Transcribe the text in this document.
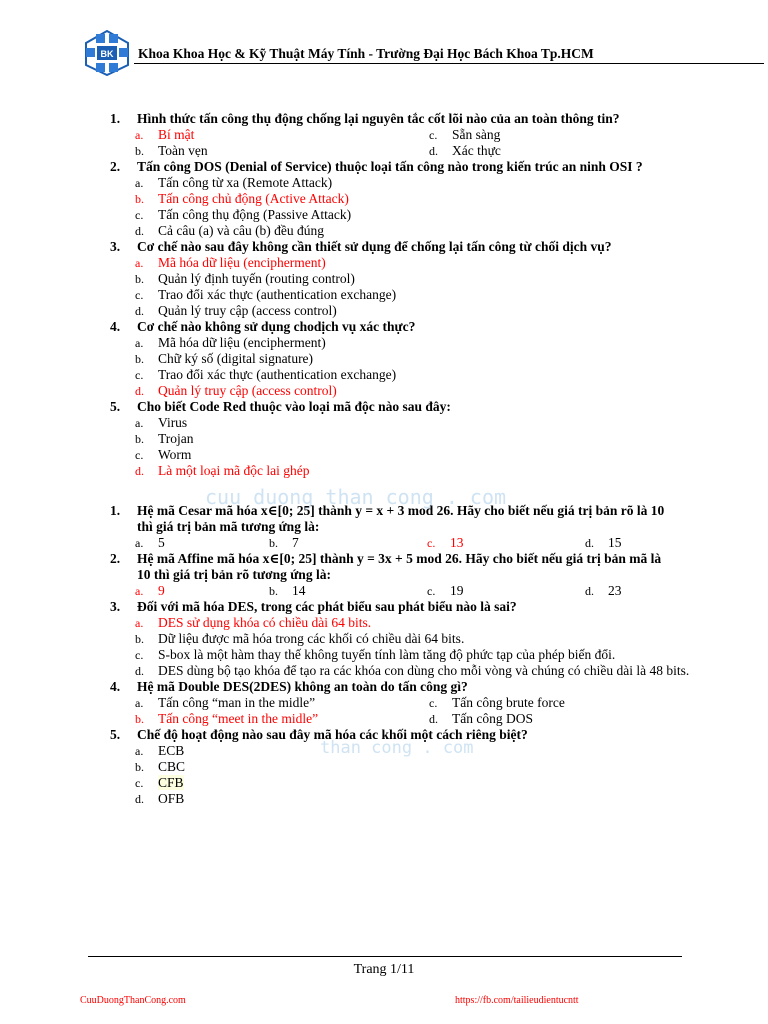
BK Khoa Khoa Học & Kỹ Thuật Máy Tính - Trường Đại Học Bách Khoa Tp.HCM
1. Hình thức tấn công thụ động chống lại nguyên tắc cốt lõi nào của an toàn thông tin?
a. Bí mật	c. Sẵn sàng
b. Toàn vẹn	d. Xác thực
2. Tấn công DOS (Denial of Service) thuộc loại tấn công nào trong kiến trúc an ninh OSI ?
a. Tấn công từ xa (Remote Attack)
b. Tấn công chủ động (Active Attack)
c. Tấn công thụ động (Passive Attack)
d. Cả câu (a) và câu (b) đều đúng
3. Cơ chế nào sau đây không cần thiết sử dụng để chống lại tấn công từ chối dịch vụ?
a. Mã hóa dữ liệu (encipherment)
b. Quản lý định tuyến (routing control)
c. Trao đổi xác thực (authentication exchange)
d. Quản lý truy cập (access control)
4. Cơ chế nào không sử dụng chodịch vụ xác thực?
a. Mã hóa dữ liệu (encipherment)
b. Chữ ký số (digital signature)
c. Trao đổi xác thực (authentication exchange)
d. Quản lý truy cập (access control)
5. Cho biết Code Red thuộc vào loại mã độc nào sau đây:
a. Virus
b. Trojan
c. Worm
d. Là một loại mã độc lai ghép
cuu duong than cong . com
than cong . com
1. Hệ mã Cesar mã hóa x∈[0; 25] thành y = x + 3 mod 26. Hãy cho biết nếu giá trị bản rõ là 10
thì giá trị bản mã tương ứng là:
a. 5	b. 7	c. 13	d. 15
2. Hệ mã Affine mã hóa x∈[0; 25] thành y = 3x + 5 mod 26. Hãy cho biết nếu giá trị bản mã là
10 thì giá trị bản rõ tương ứng là:
a. 9	b. 14	c. 19	d. 23
3. Đối với mã hóa DES, trong các phát biểu sau phát biểu nào là sai?
a. DES sử dụng khóa có chiều dài 64 bits.
b. Dữ liệu được mã hóa trong các khối có chiều dài 64 bits.
c. S-box là một hàm thay thế không tuyến tính làm tăng độ phức tạp của phép biến đổi.
d. DES dùng bộ tạo khóa để tạo ra các khóa con dùng cho mỗi vòng và chúng có chiều dài là 48 bits.
4. Hệ mã Double DES(2DES) không an toàn do tấn công gì?
a. Tấn công “man in the midle”	c. Tấn công brute force
b. Tấn công “meet in the midle”	d. Tấn công DOS
5. Chế độ hoạt động nào sau đây mã hóa các khối một cách riêng biệt?
a. ECB
b. CBC
c. CFB
d. OFB
Trang 1/11
CuuDuongThanCong.com	https://fb.com/tailieudientucntt
